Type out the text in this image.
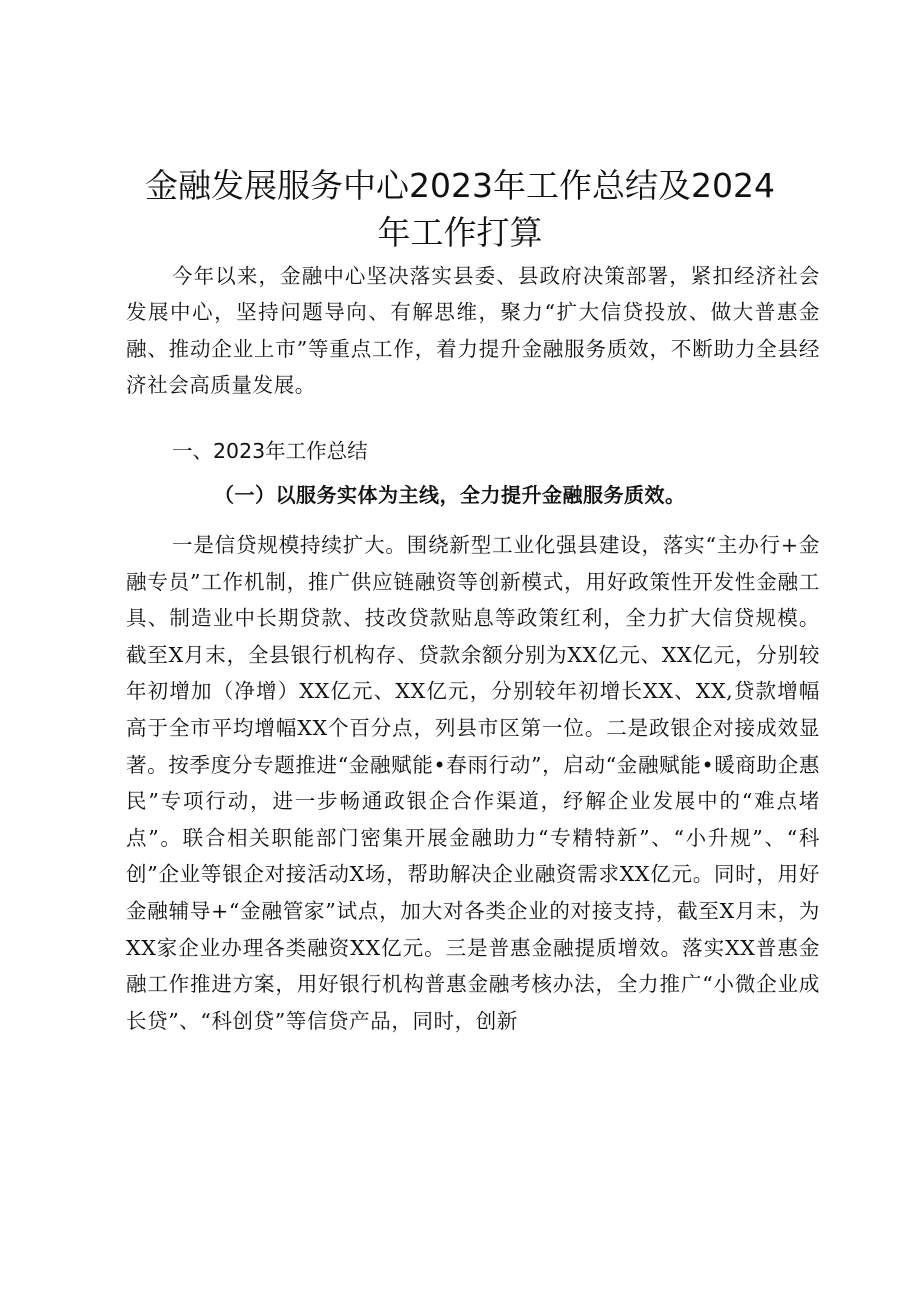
金融发展服务中心2023年工作总结及2024
年工作打算

今年以来，金融中心坚决落实县委、县政府决策部署，紧扣经济社会发展中心，坚持问题导向、有解思维，聚力“扩大信贷投放、做大普惠金融、推动企业上市”等重点工作，着力提升金融服务质效，不断助力全县经济社会高质量发展。

一、2023年工作总结
（一）以服务实体为主线，全力提升金融服务质效。

一是信贷规模持续扩大。围绕新型工业化强县建设，落实“主办行+金融专员”工作机制，推广供应链融资等创新模式，用好政策性开发性金融工具、制造业中长期贷款、技改贷款贴息等政策红利，全力扩大信贷规模。截至X月末，全县银行机构存、贷款余额分别为XX亿元、XX亿元，分别较年初增加（净增）XX亿元、XX亿元，分别较年初增长XX、XX,贷款增幅高于全市平均增幅XX个百分点，列县市区第一位。二是政银企对接成效显著。按季度分专题推进“金融赋能•春雨行动”，启动“金融赋能•暖商助企惠民”专项行动，进一步畅通政银企合作渠道，纾解企业发展中的“难点堵点”。联合相关职能部门密集开展金融助力“专精特新”、“小升规”、“科创”企业等银企对接活动X场，帮助解决企业融资需求XX亿元。同时，用好金融辅导+“金融管家”试点，加大对各类企业的对接支持，截至X月末，为XX家企业办理各类融资XX亿元。三是普惠金融提质增效。落实XX普惠金融工作推进方案，用好银行机构普惠金融考核办法，全力推广“小微企业成长贷”、“科创贷”等信贷产品，同时，创新
